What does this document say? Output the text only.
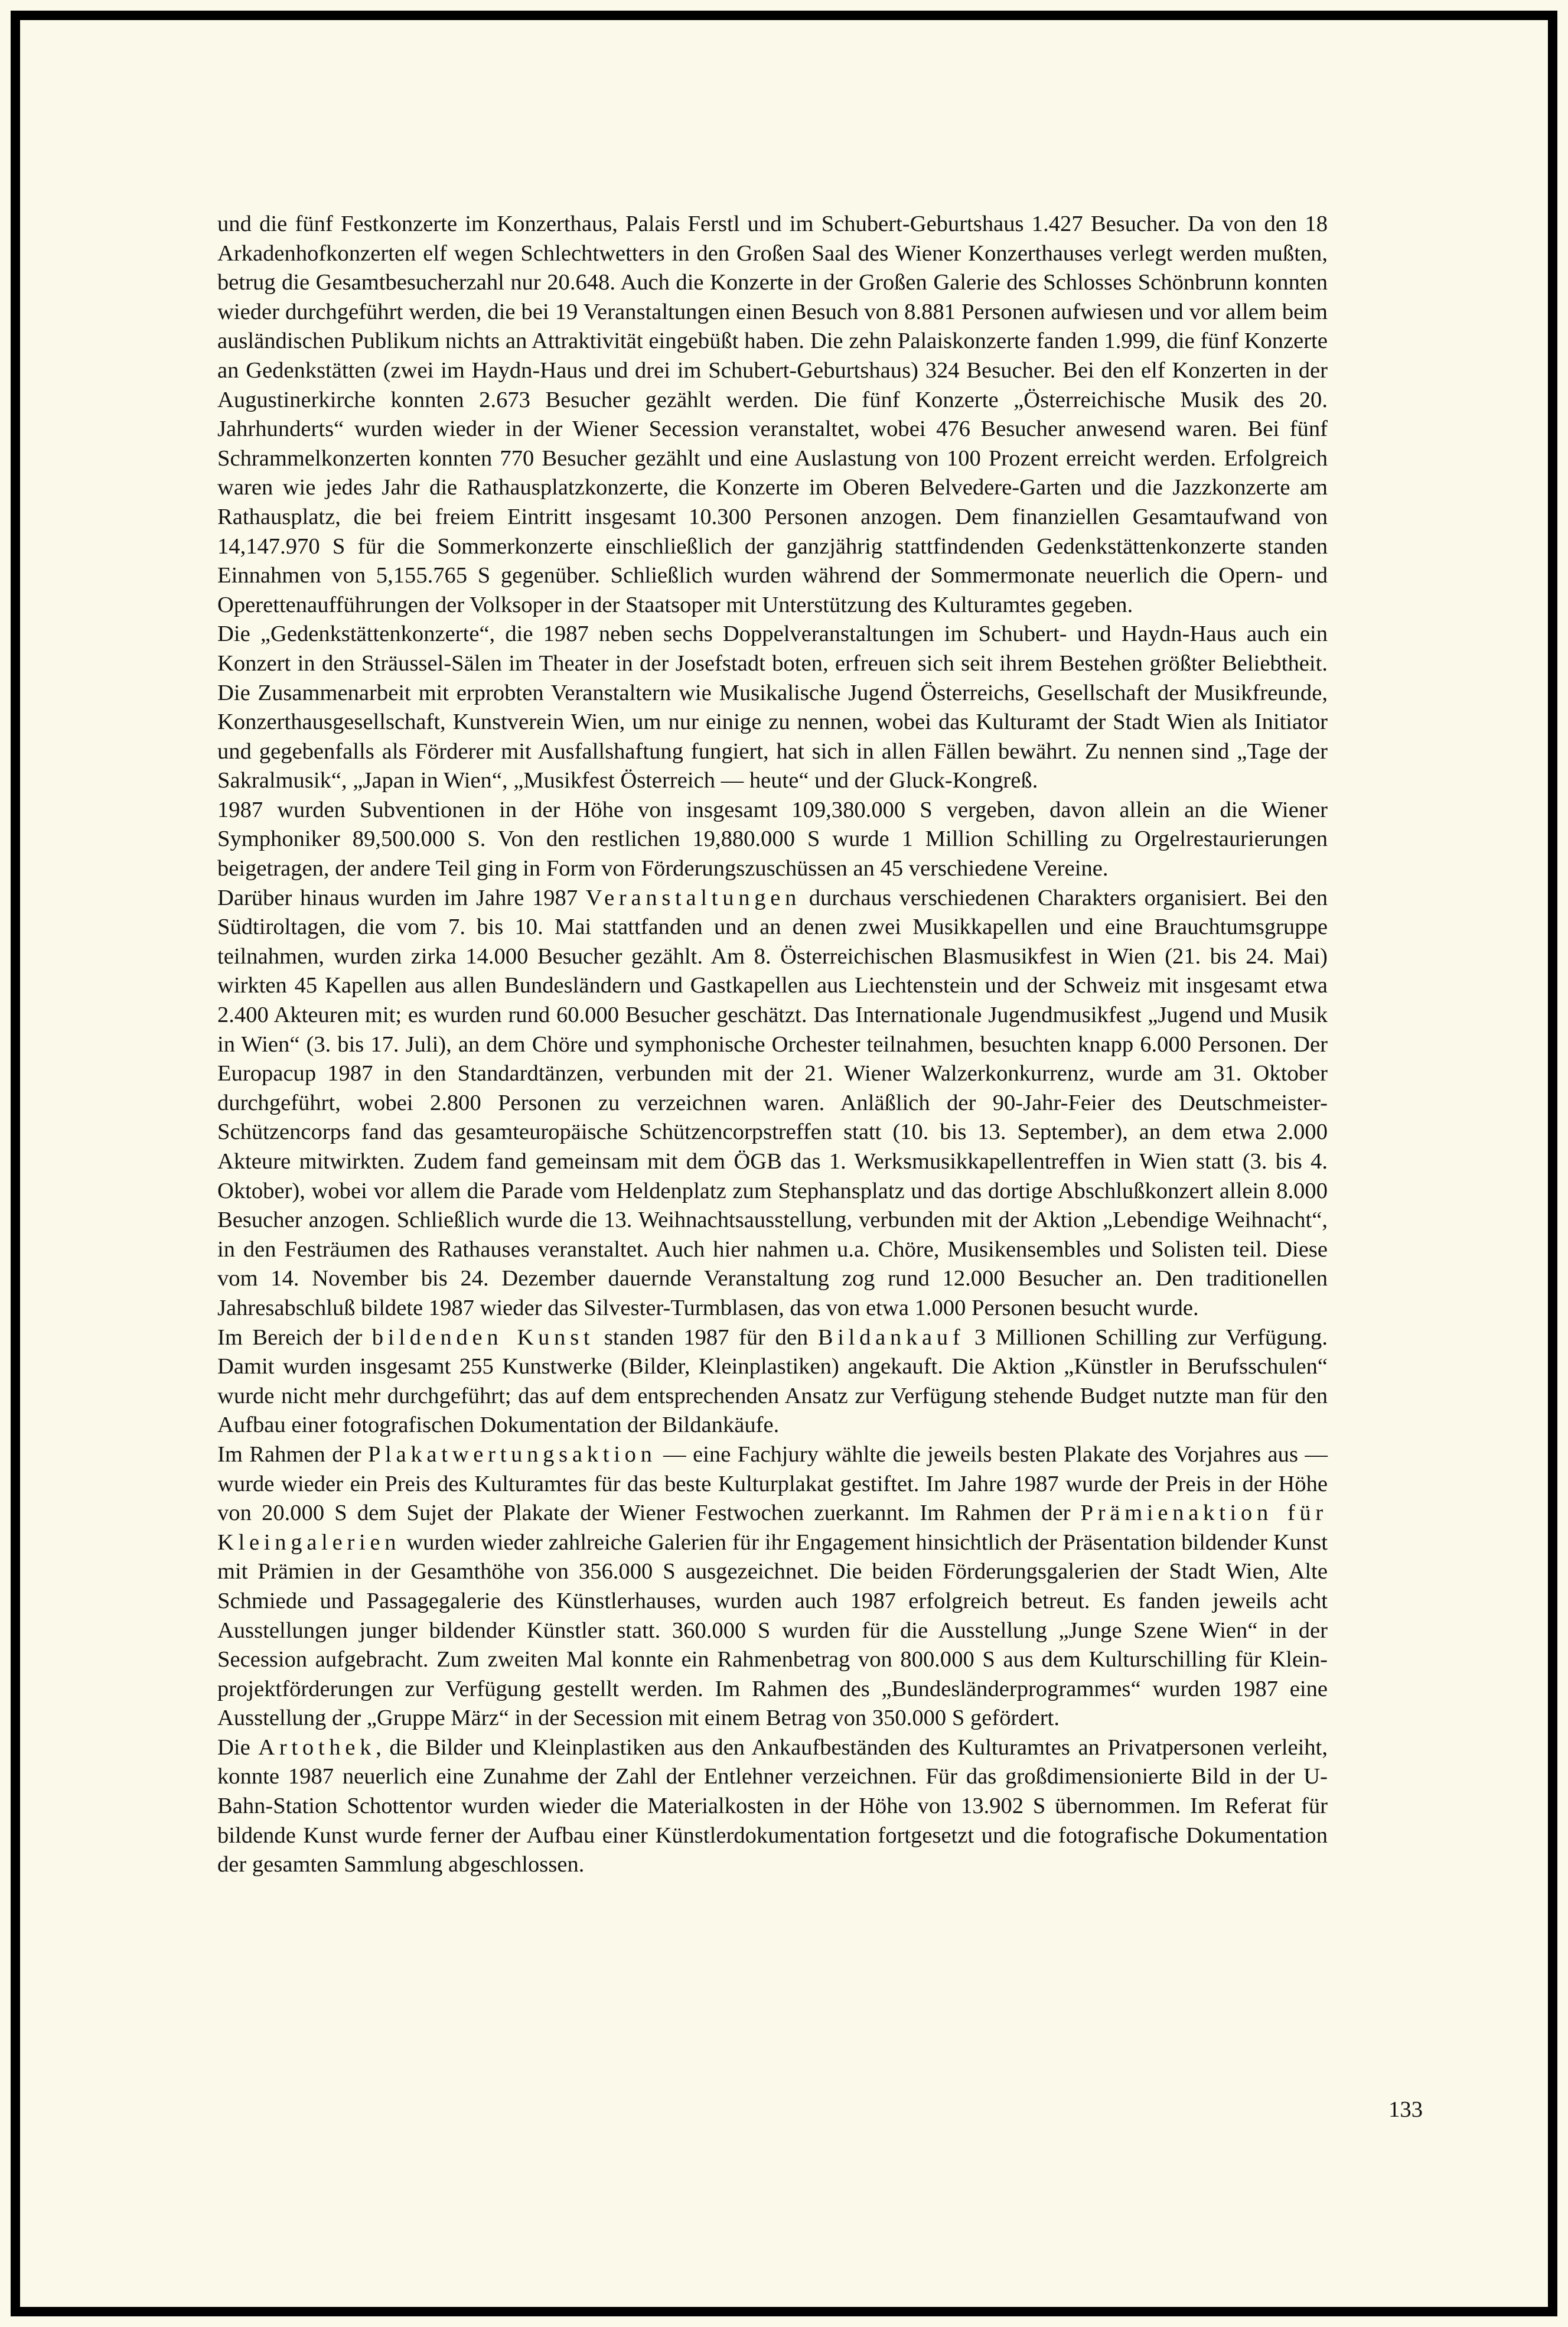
und die fünf Festkonzerte im Konzerthaus, Palais Ferstl und im Schubert-Geburtshaus 1.427 Besucher. Da von den 18 Arkadenhofkonzerten elf wegen Schlechtwetters in den Großen Saal des Wiener Konzerthauses verlegt werden mußten, betrug die Gesamtbesucherzahl nur 20.648. Auch die Konzerte in der Großen Galerie des Schlosses Schönbrunn konnten wieder durchgeführt werden, die bei 19 Veranstaltungen einen Besuch von 8.881 Personen aufwiesen und vor allem beim ausländischen Publikum nichts an Attraktivität eingebüßt haben. Die zehn Palaiskonzerte fanden 1.999, die fünf Konzerte an Gedenkstätten (zwei im Haydn-Haus und drei im Schubert-Geburtshaus) 324 Besucher. Bei den elf Konzerten in der Augustinerkirche konnten 2.673 Besucher gezählt werden. Die fünf Konzerte „Österreichische Musik des 20. Jahrhunderts“ wurden wieder in der Wiener Secession veranstaltet, wobei 476 Besucher anwesend waren. Bei fünf Schrammelkonzerten konnten 770 Besucher gezählt und eine Auslastung von 100 Prozent erreicht werden. Erfolgreich waren wie jedes Jahr die Rathausplatzkonzerte, die Konzerte im Oberen Belvedere-Garten und die Jazzkonzerte am Rathausplatz, die bei freiem Eintritt insgesamt 10.300 Personen anzogen. Dem finanziellen Gesamtaufwand von 14,147.970 S für die Sommerkonzerte einschließlich der ganzjährig stattfindenden Gedenkstättenkonzerte standen Einnahmen von 5,155.765 S gegenüber. Schließlich wurden während der Sommermonate neuerlich die Opern- und Operettenaufführungen der Volksoper in der Staatsoper mit Unterstützung des Kulturamtes gegeben.

Die „Gedenkstättenkonzerte“, die 1987 neben sechs Doppelveranstaltungen im Schubert- und Haydn-Haus auch ein Konzert in den Sträussel-Sälen im Theater in der Josefstadt boten, erfreuen sich seit ihrem Bestehen größter Beliebtheit. Die Zusammenarbeit mit erprobten Veranstaltern wie Musikalische Jugend Österreichs, Gesellschaft der Musikfreunde, Konzerthausgesellschaft, Kunstverein Wien, um nur einige zu nennen, wobei das Kulturamt der Stadt Wien als Initiator und gegebenfalls als Förderer mit Ausfallshaftung fungiert, hat sich in allen Fällen bewährt. Zu nennen sind „Tage der Sakralmusik“, „Japan in Wien“, „Musikfest Österreich — heute“ und der Gluck-Kongreß.

1987 wurden Subventionen in der Höhe von insgesamt 109,380.000 S vergeben, davon allein an die Wiener Symphoniker 89,500.000 S. Von den restlichen 19,880.000 S wurde 1 Million Schilling zu Orgelrestaurierungen beigetragen, der andere Teil ging in Form von Förderungszuschüssen an 45 verschiedene Vereine.

Darüber hinaus wurden im Jahre 1987 Veranstaltungen durchaus verschiedenen Charakters organisiert. Bei den Südtiroltagen, die vom 7. bis 10. Mai stattfanden und an denen zwei Musikkapellen und eine Brauchtumsgruppe teilnahmen, wurden zirka 14.000 Besucher gezählt. Am 8. Österreichischen Blasmusikfest in Wien (21. bis 24. Mai) wirkten 45 Kapellen aus allen Bundesländern und Gastkapellen aus Liechtenstein und der Schweiz mit insgesamt etwa 2.400 Akteuren mit; es wurden rund 60.000 Besucher geschätzt. Das Internationale Jugendmusikfest „Jugend und Musik in Wien“ (3. bis 17. Juli), an dem Chöre und symphonische Orchester teilnahmen, besuchten knapp 6.000 Personen. Der Europacup 1987 in den Standardtänzen, verbunden mit der 21. Wiener Walzerkonkurrenz, wurde am 31. Oktober durchgeführt, wobei 2.800 Personen zu verzeichnen waren. Anläßlich der 90-Jahr-Feier des Deutschmeister-Schützencorps fand das gesamteuropäische Schützencorpstreffen statt (10. bis 13. September), an dem etwa 2.000 Akteure mitwirkten. Zudem fand gemeinsam mit dem ÖGB das 1. Werksmusikkapellentreffen in Wien statt (3. bis 4. Oktober), wobei vor allem die Parade vom Heldenplatz zum Stephansplatz und das dortige Abschlußkonzert allein 8.000 Besucher anzogen. Schließlich wurde die 13. Weihnachtsausstellung, verbunden mit der Aktion „Lebendige Weihnacht“, in den Festräumen des Rathauses veranstaltet. Auch hier nahmen u.a. Chöre, Musikensembles und Solisten teil. Diese vom 14. November bis 24. Dezember dauernde Veranstaltung zog rund 12.000 Besucher an. Den traditionellen Jahresabschluß bildete 1987 wieder das Silvester-Turmblasen, das von etwa 1.000 Personen besucht wurde.

Im Bereich der bildenden Kunst standen 1987 für den Bildankauf 3 Millionen Schilling zur Verfügung. Damit wurden insgesamt 255 Kunstwerke (Bilder, Kleinplastiken) angekauft. Die Aktion „Künstler in Berufsschulen“ wurde nicht mehr durchgeführt; das auf dem entsprechenden Ansatz zur Verfügung stehende Budget nutzte man für den Aufbau einer fotografischen Dokumentation der Bildankäufe.

Im Rahmen der Plakatwertungsaktion — eine Fachjury wählte die jeweils besten Plakate des Vorjahres aus — wurde wieder ein Preis des Kulturamtes für das beste Kulturplakat gestiftet. Im Jahre 1987 wurde der Preis in der Höhe von 20.000 S dem Sujet der Plakate der Wiener Festwochen zuerkannt. Im Rahmen der Prämienaktion für Kleingalerien wurden wieder zahlreiche Galerien für ihr Engagement hinsichtlich der Präsentation bildender Kunst mit Prämien in der Gesamthöhe von 356.000 S ausgezeichnet. Die beiden Förderungsgalerien der Stadt Wien, Alte Schmiede und Passagegalerie des Künstlerhauses, wurden auch 1987 erfolgreich betreut. Es fanden jeweils acht Ausstellungen junger bildender Künstler statt. 360.000 S wurden für die Ausstellung „Junge Szene Wien“ in der Secession aufgebracht. Zum zweiten Mal konnte ein Rahmenbetrag von 800.000 S aus dem Kulturschilling für Kleinprojektförderungen zur Verfügung gestellt werden. Im Rahmen des „Bundesländerprogrammes“ wurden 1987 eine Ausstellung der „Gruppe März“ in der Secession mit einem Betrag von 350.000 S gefördert.

Die Artothek, die Bilder und Kleinplastiken aus den Ankaufbeständen des Kulturamtes an Privatpersonen verleiht, konnte 1987 neuerlich eine Zunahme der Zahl der Entlehner verzeichnen. Für das großdimensionierte Bild in der U-Bahn-Station Schottentor wurden wieder die Materialkosten in der Höhe von 13.902 S übernommen. Im Referat für bildende Kunst wurde ferner der Aufbau einer Künstlerdokumentation fortgesetzt und die fotografische Dokumentation der gesamten Sammlung abgeschlossen.

133
